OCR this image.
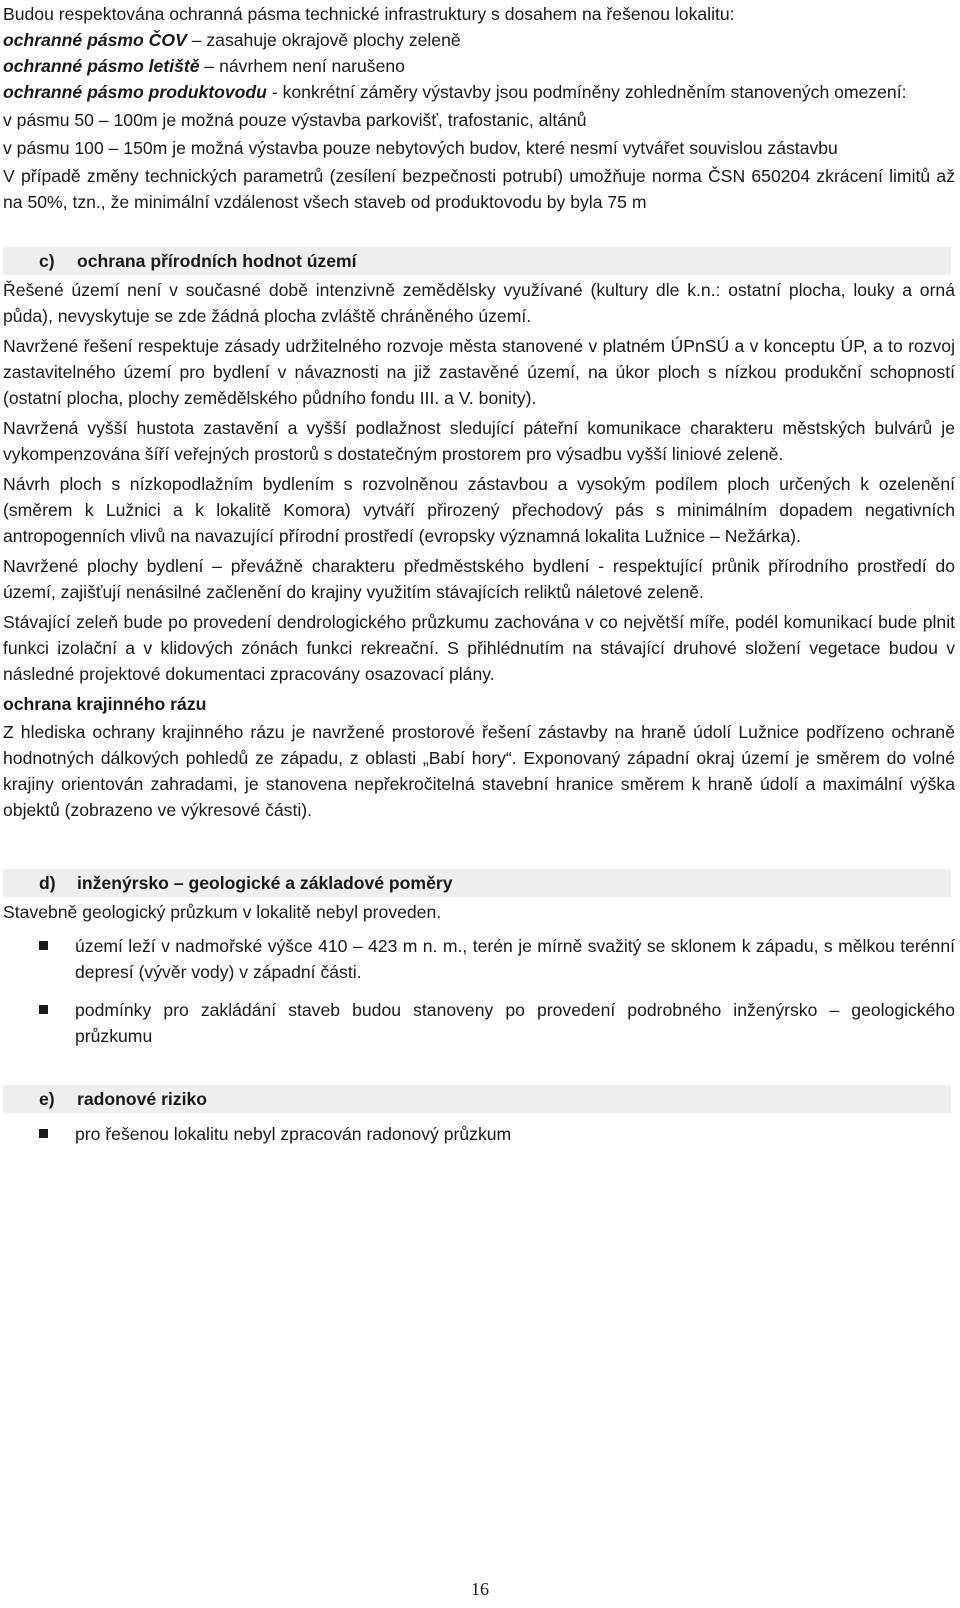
Budou respektována ochranná pásma technické infrastruktury s dosahem na řešenou lokalitu:

ochranné pásmo ČOV – zasahuje okrajově plochy zeleně

ochranné pásmo letiště – návrhem není narušeno

ochranné pásmo produktovodu - konkrétní záměry výstavby jsou podmíněny zohledněním stanovených omezení:

v pásmu 50 – 100m je možná pouze výstavba parkovišť, trafostanic, altánů

v pásmu 100 – 150m je možná výstavba pouze nebytových budov, které nesmí vytvářet souvislou zástavbu

V případě změny technických parametrů (zesílení bezpečnosti potrubí) umožňuje norma ČSN 650204 zkrácení limitů až na 50%, tzn., že minimální vzdálenost všech staveb od produktovodu by byla 75 m

c) ochrana přírodních hodnot území

Řešené území není v současné době intenzivně zemědělsky využívané (kultury dle k.n.: ostatní plocha, louky a orná půda), nevyskytuje se zde žádná plocha zvláště chráněného území.

Navržené řešení respektuje zásady udržitelného rozvoje města stanovené v platném ÚPnSÚ a v konceptu ÚP, a to rozvoj zastavitelného území pro bydlení v návaznosti na již zastavěné území, na úkor ploch s nízkou produkční schopností (ostatní plocha, plochy zemědělského půdního fondu III. a V. bonity).

Navržená vyšší hustota zastavění a vyšší podlažnost sledující páteřní komunikace charakteru městských bulvárů je vykompenzována šíří veřejných prostorů s dostatečným prostorem pro výsadbu vyšší liniové zeleně.

Návrh ploch s nízkopodlažním bydlením s rozvolněnou zástavbou a vysokým podílem ploch určených k ozelenění (směrem k Lužnici a k lokalitě Komora) vytváří přirozený přechodový pás s minimálním dopadem negativních antropogenních vlivů na navazující přírodní prostředí (evropsky významná lokalita Lužnice – Nežárka).

Navržené plochy bydlení – převážně charakteru předměstského bydlení - respektující průnik přírodního prostředí do území, zajišťují nenásilné začlenění do krajiny využitím stávajících reliktů náletové zeleně.

Stávající zeleň bude po provedení dendrologického průzkumu zachována v co největší míře, podél komunikací bude plnit funkci izolační a v klidových zónách funkci rekreační. S přihlédnutím na stávající druhové složení vegetace budou v následné projektové dokumentaci zpracovány osazovací plány.

ochrana krajinného rázu

Z hlediska ochrany krajinného rázu je navržené prostorové řešení zástavby na hraně údolí Lužnice podřízeno ochraně hodnotných dálkových pohledů ze západu, z oblasti „Babí hory“. Exponovaný západní okraj území je směrem do volné krajiny orientován zahradami, je stanovena nepřekročitelná stavební hranice směrem k hraně údolí a maximální výška objektů (zobrazeno ve výkresové části).

d) inženýrsko – geologické a základové poměry

Stavebně geologický průzkum v lokalitě nebyl proveden.

území leží v nadmořské výšce 410 – 423 m n. m., terén je mírně svažitý se sklonem k západu, s mělkou terénní depresí (vývěr vody) v západní části.
podmínky pro zakládání staveb budou stanoveny po provedení podrobného inženýrsko – geologického průzkumu
e) radonové riziko
pro řešenou lokalitu nebyl zpracován radonový průzkum
16
